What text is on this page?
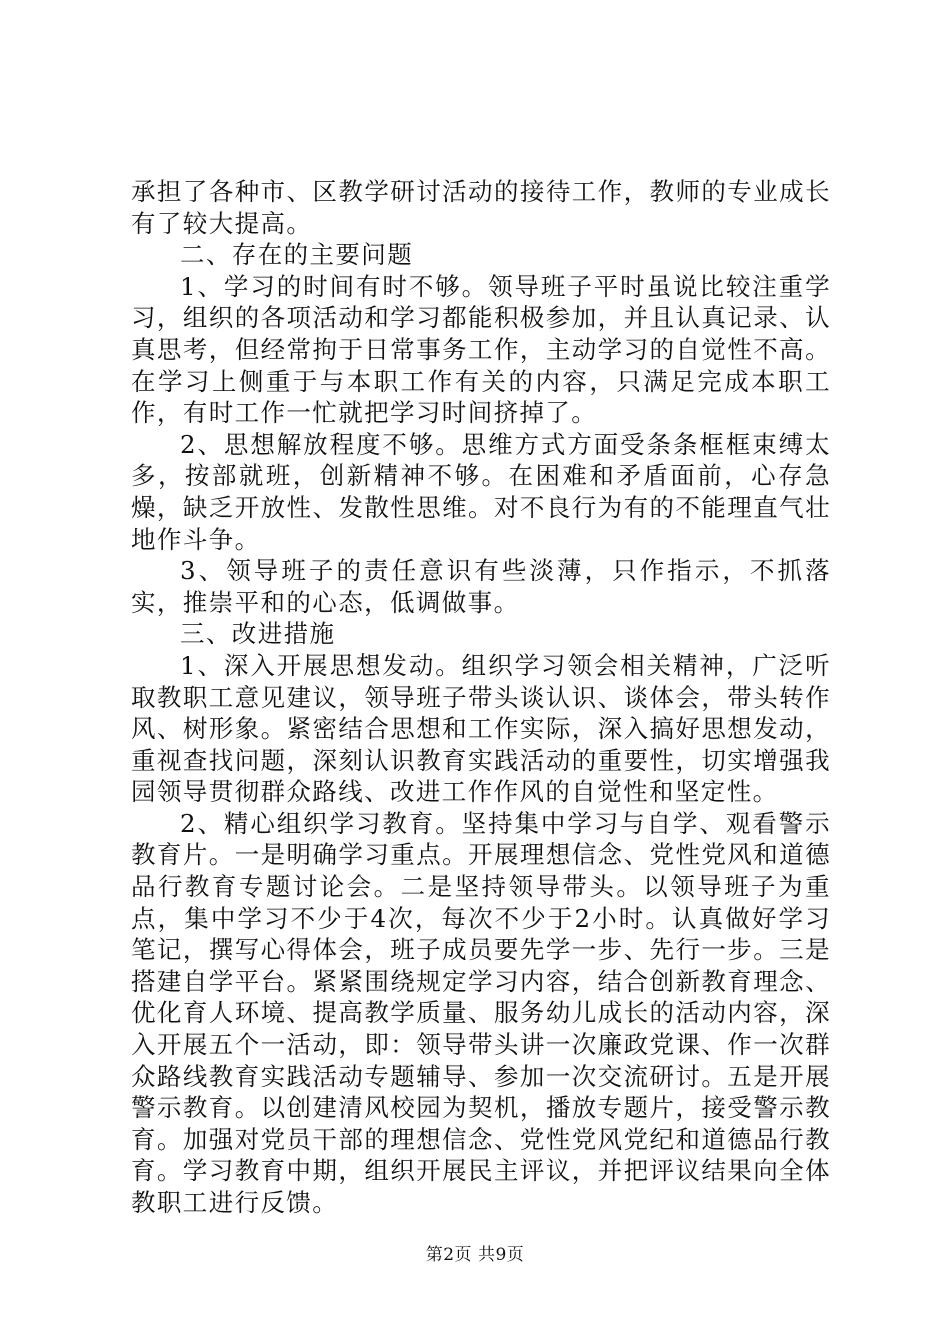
承担了各种市、区教学研讨活动的接待工作，教师的专业成长有了较大提高。

二、存在的主要问题

1、学习的时间有时不够。领导班子平时虽说比较注重学习，组织的各项活动和学习都能积极参加，并且认真记录、认真思考，但经常拘于日常事务工作，主动学习的自觉性不高。在学习上侧重于与本职工作有关的内容，只满足完成本职工作，有时工作一忙就把学习时间挤掉了。

2、思想解放程度不够。思维方式方面受条条框框束缚太多，按部就班，创新精神不够。在困难和矛盾面前，心存急燥，缺乏开放性、发散性思维。对不良行为有的不能理直气壮地作斗争。

3、领导班子的责任意识有些淡薄，只作指示，不抓落实，推崇平和的心态，低调做事。

三、改进措施

1、深入开展思想发动。组织学习领会相关精神，广泛听取教职工意见建议，领导班子带头谈认识、谈体会，带头转作风、树形象。紧密结合思想和工作实际，深入搞好思想发动，重视查找问题，深刻认识教育实践活动的重要性，切实增强我园领导贯彻群众路线、改进工作作风的自觉性和坚定性。

2、精心组织学习教育。坚持集中学习与自学、观看警示教育片。一是明确学习重点。开展理想信念、党性党风和道德品行教育专题讨论会。二是坚持领导带头。以领导班子为重点，集中学习不少于4次，每次不少于2小时。认真做好学习笔记，撰写心得体会，班子成员要先学一步、先行一步。三是搭建自学平台。紧紧围绕规定学习内容，结合创新教育理念、优化育人环境、提高教学质量、服务幼儿成长的活动内容，深入开展五个一活动，即：领导带头讲一次廉政党课、作一次群众路线教育实践活动专题辅导、参加一次交流研讨。五是开展警示教育。以创建清风校园为契机，播放专题片，接受警示教育。加强对党员干部的理想信念、党性党风党纪和道德品行教育。学习教育中期，组织开展民主评议，并把评议结果向全体教职工进行反馈。

第2页 共9页
